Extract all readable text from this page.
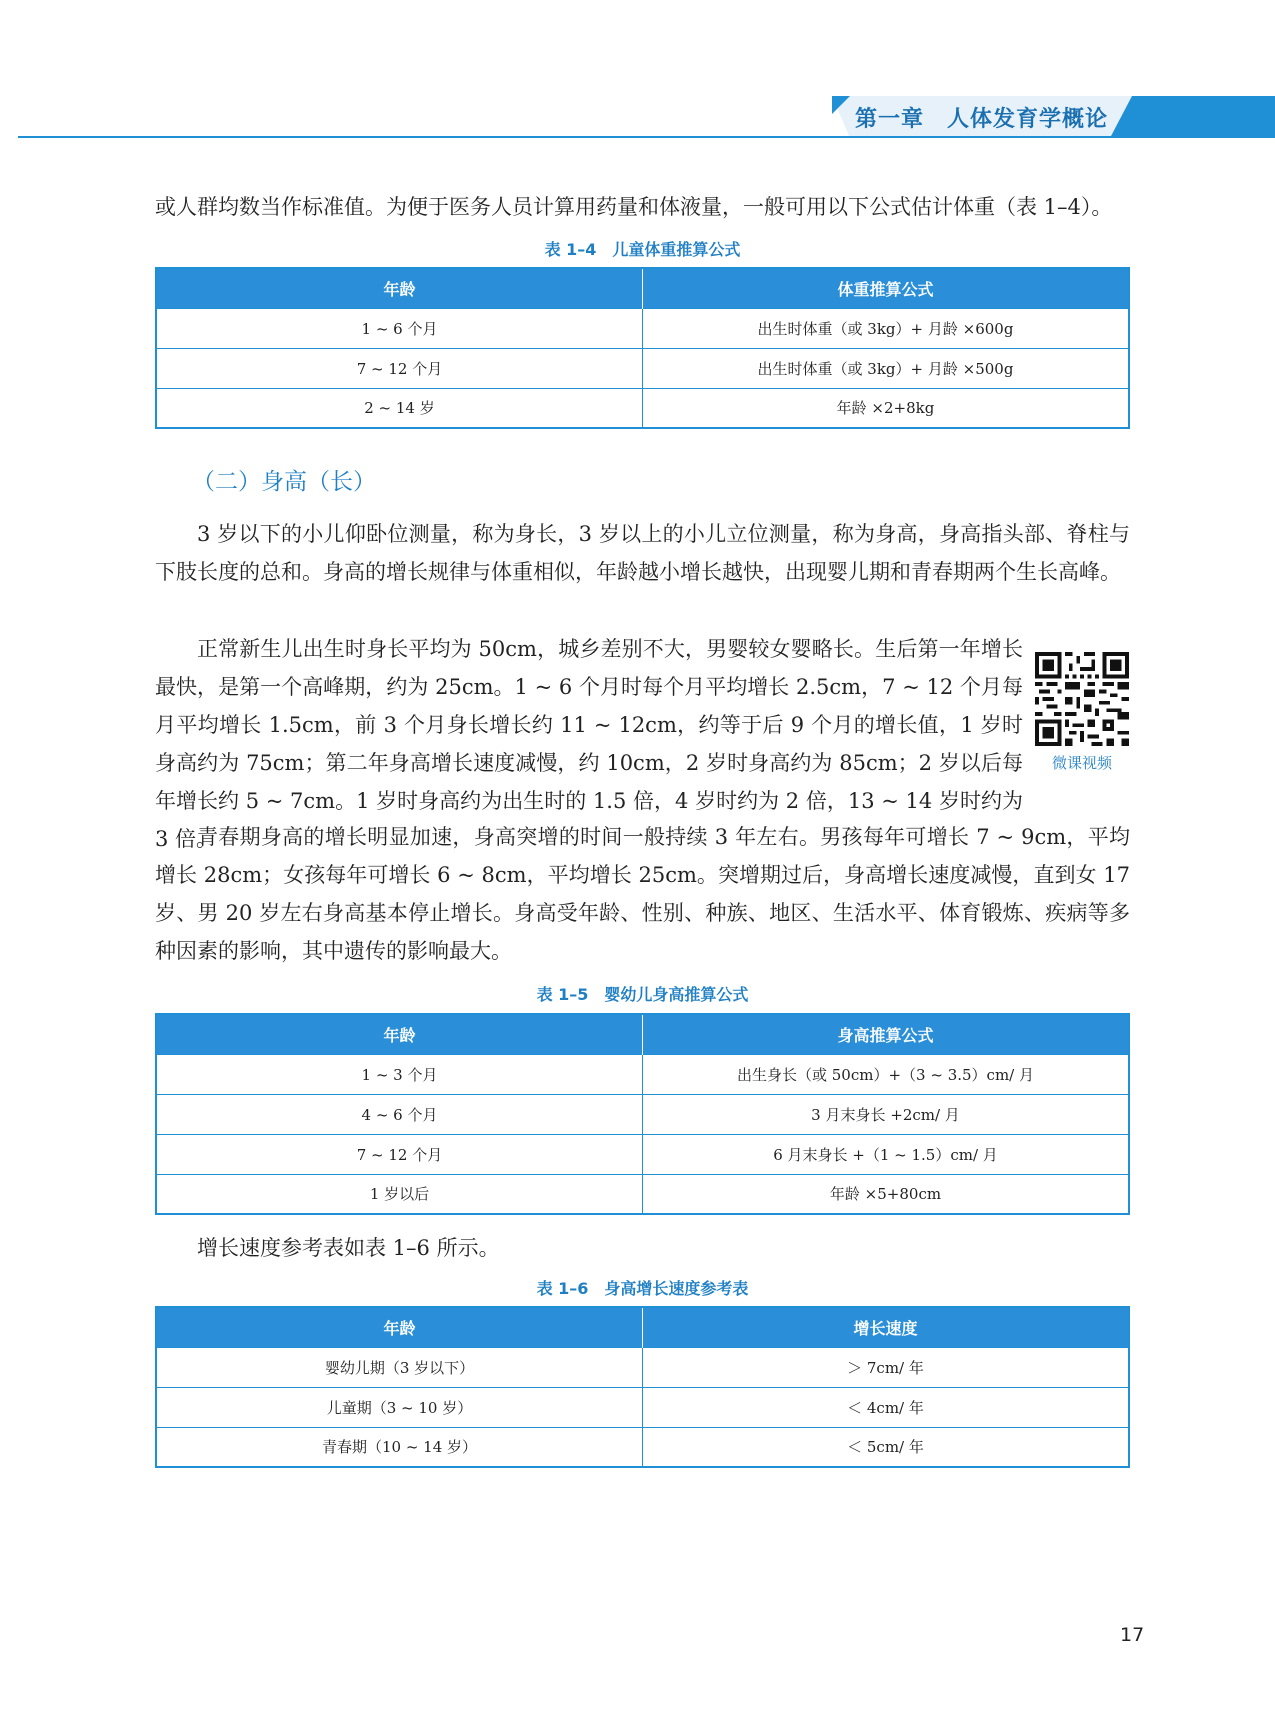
第一章　人体发育学概论

或人群均数当作标准值。为便于医务人员计算用药量和体液量，一般可用以下公式估计体重（表 1–4）。

表 1–4　儿童体重推算公式
年龄	体重推算公式
1 ~ 6 个月	出生时体重（或 3kg）+ 月龄 ×600g
7 ~ 12 个月	出生时体重（或 3kg）+ 月龄 ×500g
2 ~ 14 岁	年龄 ×2+8kg
（二）身高（长）

3 岁以下的小儿仰卧位测量，称为身长，3 岁以上的小儿立位测量，称为身高，身高指头部、脊柱与下肢长度的总和。身高的增长规律与体重相似，年龄越小增长越快，出现婴儿期和青春期两个生长高峰。

正常新生儿出生时身长平均为 50cm，城乡差别不大，男婴较女婴略长。生后第一年增长最快，是第一个高峰期，约为 25cm。1 ~ 6 个月时每个月平均增长 2.5cm，7 ~ 12 个月每月平均增长 1.5cm，前 3 个月身长增长约 11 ~ 12cm，约等于后 9 个月的增长值，1 岁时身高约为 75cm；第二年身高增长速度减慢，约 10cm，2 岁时身高约为 85cm；2 岁以后每年增长约 5 ~ 7cm。1 岁时身高约为出生时的 1.5 倍，4 岁时约为 2 倍，13 ~ 14 岁时约为 3 倍。

微课视频

青春期身高的增长明显加速，身高突增的时间一般持续 3 年左右。男孩每年可增长 7 ~ 9cm，平均增长 28cm；女孩每年可增长 6 ~ 8cm，平均增长 25cm。突增期过后，身高增长速度减慢，直到女 17 岁、男 20 岁左右身高基本停止增长。身高受年龄、性别、种族、地区、生活水平、体育锻炼、疾病等多种因素的影响，其中遗传的影响最大。

表 1–5　婴幼儿身高推算公式
年龄	身高推算公式
1 ~ 3 个月	出生身长（或 50cm）+（3 ~ 3.5）cm/ 月
4 ~ 6 个月	3 月末身长 +2cm/ 月
7 ~ 12 个月	6 月末身长 +（1 ~ 1.5）cm/ 月
1 岁以后	年龄 ×5+80cm

增长速度参考表如表 1–6 所示。

表 1–6　身高增长速度参考表
年龄	增长速度
婴幼儿期（3 岁以下）	＞ 7cm/ 年
儿童期（3 ~ 10 岁）	＜ 4cm/ 年
青春期（10 ~ 14 岁）	＜ 5cm/ 年
17
